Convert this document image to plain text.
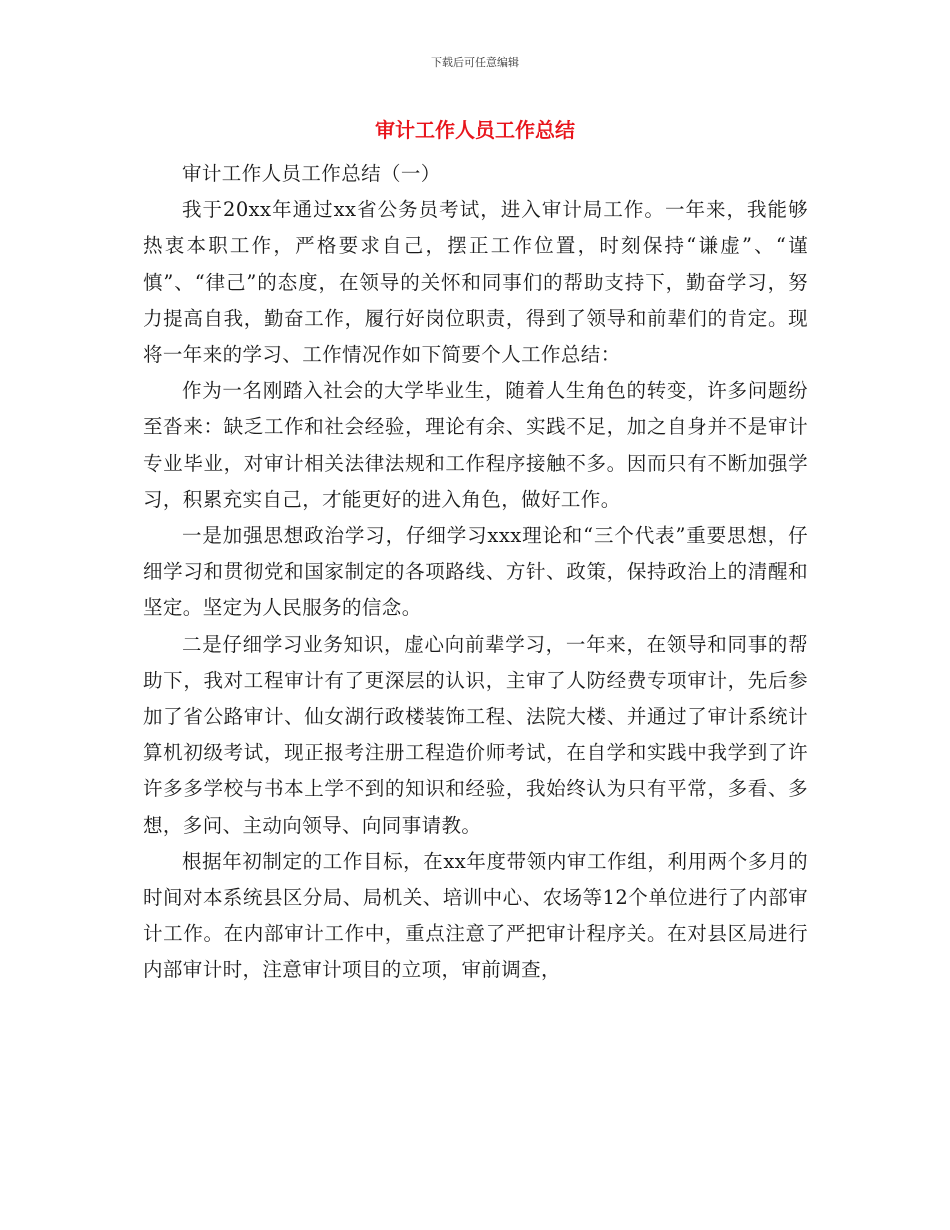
下载后可任意编辑
审计工作人员工作总结

审计工作人员工作总结（一）

我于20xx年通过xx省公务员考试，进入审计局工作。一年来，我能够热衷本职工作，严格要求自己，摆正工作位置，时刻保持“谦虚”、“谨慎”、“律己”的态度，在领导的关怀和同事们的帮助支持下，勤奋学习，努力提高自我，勤奋工作，履行好岗位职责，得到了领导和前辈们的肯定。现将一年来的学习、工作情况作如下简要个人工作总结：

作为一名刚踏入社会的大学毕业生，随着人生角色的转变，许多问题纷至沓来：缺乏工作和社会经验，理论有余、实践不足，加之自身并不是审计专业毕业，对审计相关法律法规和工作程序接触不多。因而只有不断加强学习，积累充实自己，才能更好的进入角色，做好工作。

一是加强思想政治学习，仔细学习xxx理论和“三个代表”重要思想，仔细学习和贯彻党和国家制定的各项路线、方针、政策，保持政治上的清醒和坚定。坚定为人民服务的信念。

二是仔细学习业务知识，虚心向前辈学习，一年来，在领导和同事的帮助下，我对工程审计有了更深层的认识，主审了人防经费专项审计，先后参加了省公路审计、仙女湖行政楼装饰工程、法院大楼、并通过了审计系统计算机初级考试，现正报考注册工程造价师考试，在自学和实践中我学到了许许多多学校与书本上学不到的知识和经验，我始终认为只有平常，多看、多想，多问、主动向领导、向同事请教。

根据年初制定的工作目标，在xx年度带领内审工作组，利用两个多月的时间对本系统县区分局、局机关、培训中心、农场等12个单位进行了内部审计工作。在内部审计工作中，重点注意了严把审计程序关。在对县区局进行内部审计时，注意审计项目的立项，审前调查，
